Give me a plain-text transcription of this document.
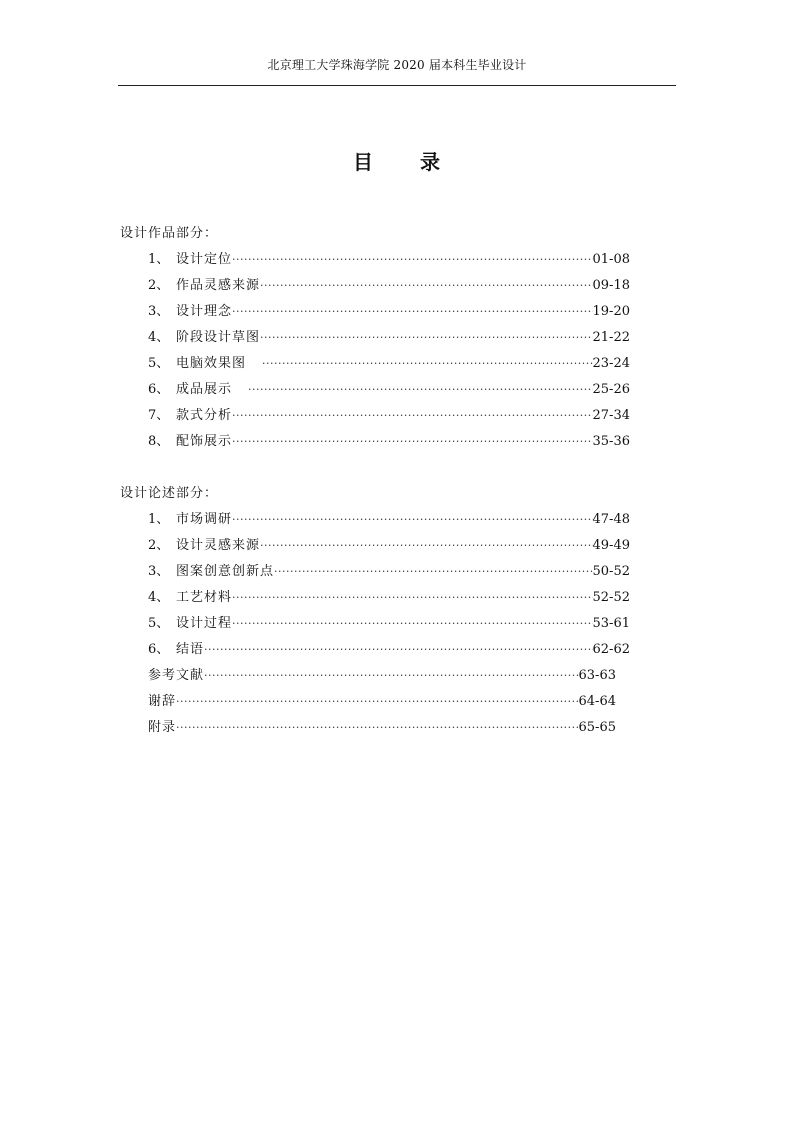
北京理工大学珠海学院 2020 届本科生毕业设计
目 录
设计作品部分：
1、 设计定位 ·····	01-08
2、 作品灵感来源 ·····	09-18
3、 设计理念 ·····	19-20
4、 阶段设计草图 ·····	21-22
5、 电脑效果图 ·····	23-24
6、 成品展示 ·····	25-26
7、 款式分析 ·····	27-34
8、 配饰展示 ·····	35-36
设计论述部分：
1、 市场调研 ·····	47-48
2、 设计灵感来源 ·····	49-49
3、 图案创意创新点 ·····	50-52
4、 工艺材料 ·····	52-52
5、 设计过程 ·····	53-61
6、 结语 ·····	62-62
参考文献 ·····	63-63
谢辞 ·····	64-64
附录 ·····	65-65
